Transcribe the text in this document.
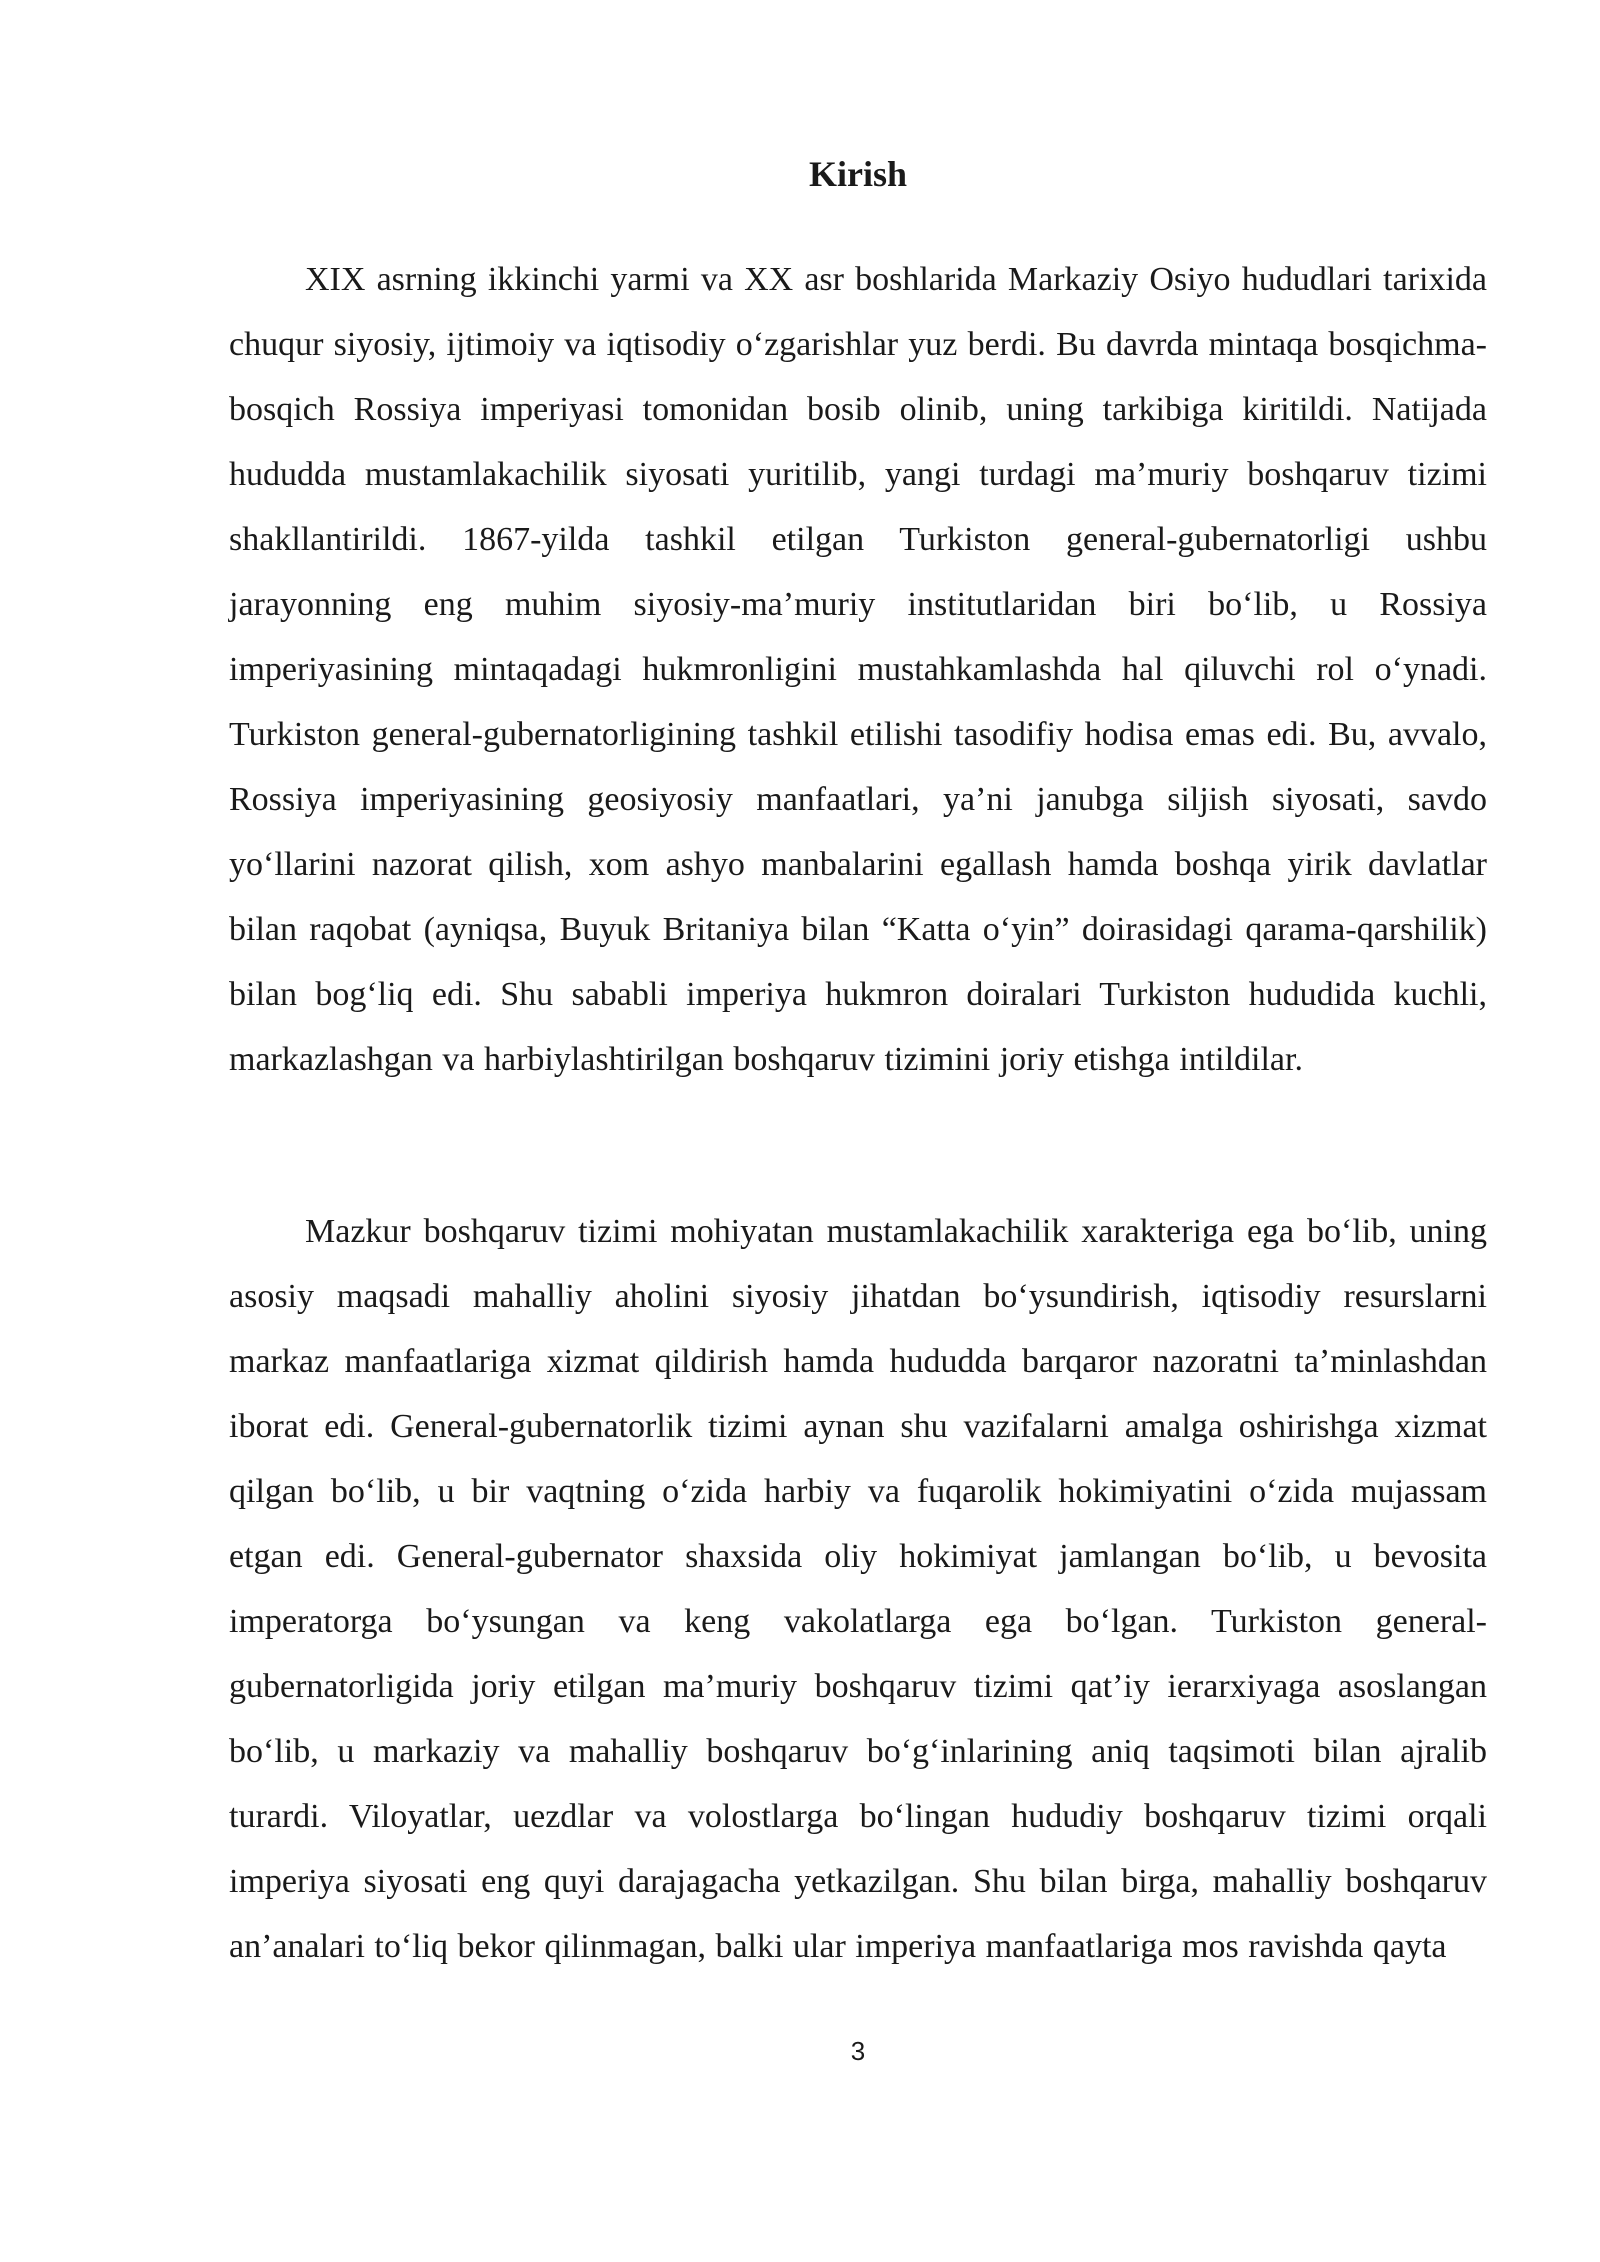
Kirish

XIX asrning ikkinchi yarmi va XX asr boshlarida Markaziy Osiyo hududlari tarixida chuqur siyosiy, ijtimoiy va iqtisodiy o‘zgarishlar yuz berdi. Bu davrda mintaqa bosqichma-bosqich Rossiya imperiyasi tomonidan bosib olinib, uning tarkibiga kiritildi. Natijada hududda mustamlakachilik siyosati yuritilib, yangi turdagi ma’muriy boshqaruv tizimi shakllantirildi. 1867-yilda tashkil etilgan Turkiston general-gubernatorligi ushbu jarayonning eng muhim siyosiy-ma’muriy institutlaridan biri bo‘lib, u Rossiya imperiyasining mintaqadagi hukmronligini mustahkamlashda hal qiluvchi rol o‘ynadi. Turkiston general-gubernatorligining tashkil etilishi tasodifiy hodisa emas edi. Bu, avvalo, Rossiya imperiyasining geosiyosiy manfaatlari, ya’ni janubga siljish siyosati, savdo yo‘llarini nazorat qilish, xom ashyo manbalarini egallash hamda boshqa yirik davlatlar bilan raqobat (ayniqsa, Buyuk Britaniya bilan “Katta o‘yin” doirasidagi qarama-qarshilik) bilan bog‘liq edi. Shu sababli imperiya hukmron doiralari Turkiston hududida kuchli, markazlashgan va harbiylashtirilgan boshqaruv tizimini joriy etishga intildilar.

Mazkur boshqaruv tizimi mohiyatan mustamlakachilik xarakteriga ega bo‘lib, uning asosiy maqsadi mahalliy aholini siyosiy jihatdan bo‘ysundirish, iqtisodiy resurslarni markaz manfaatlariga xizmat qildirish hamda hududda barqaror nazoratni ta’minlashdan iborat edi. General-gubernatorlik tizimi aynan shu vazifalarni amalga oshirishga xizmat qilgan bo‘lib, u bir vaqtning o‘zida harbiy va fuqarolik hokimiyatini o‘zida mujassam etgan edi. General-gubernator shaxsida oliy hokimiyat jamlangan bo‘lib, u bevosita imperatorga bo‘ysungan va keng vakolatlarga ega bo‘lgan. Turkiston general-gubernatorligida joriy etilgan ma’muriy boshqaruv tizimi qat’iy ierarxiyaga asoslangan bo‘lib, u markaziy va mahalliy boshqaruv bo‘g‘inlarining aniq taqsimoti bilan ajralib turardi. Viloyatlar, uezdlar va volostlarga bo‘lingan hududiy boshqaruv tizimi orqali imperiya siyosati eng quyi darajagacha yetkazilgan. Shu bilan birga, mahalliy boshqaruv an’analari to‘liq bekor qilinmagan, balki ular imperiya manfaatlariga mos ravishda qayta

3
